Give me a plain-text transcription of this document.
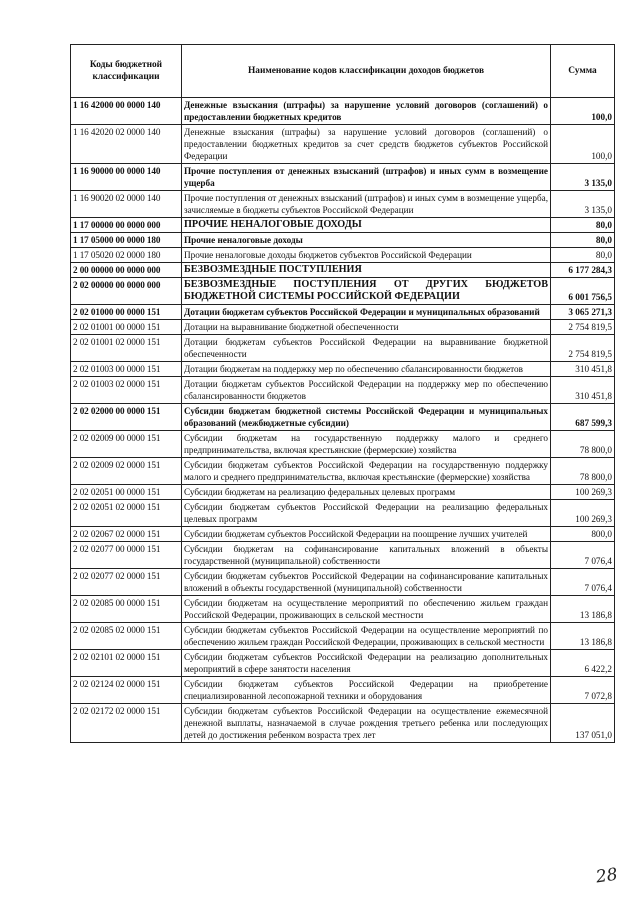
Коды бюджетной классификации	Наименование кодов классификации доходов бюджетов	Сумма
1 16 42000 00 0000 140	Денежные взыскания (штрафы) за нарушение условий договоров (соглашений) о предоставлении бюджетных кредитов	100,0
1 16 42020 02 0000 140	Денежные взыскания (штрафы) за нарушение условий договоров (соглашений) о предоставлении бюджетных кредитов за счет средств бюджетов субъектов Российской Федерации	100,0
1 16 90000 00 0000 140	Прочие поступления от денежных взысканий (штрафов) и иных сумм в возмещение ущерба	3 135,0
1 16 90020 02 0000 140	Прочие поступления от денежных взысканий (штрафов) и иных сумм в возмещение ущерба, зачисляемые в бюджеты субъектов Российской Федерации	3 135,0
1 17 00000 00 0000 000	ПРОЧИЕ НЕНАЛОГОВЫЕ ДОХОДЫ	80,0
1 17 05000 00 0000 180	Прочие неналоговые доходы	80,0
1 17 05020 02 0000 180	Прочие неналоговые доходы бюджетов субъектов Российской Федерации	80,0
2 00 00000 00 0000 000	БЕЗВОЗМЕЗДНЫЕ ПОСТУПЛЕНИЯ	6 177 284,3
2 02 00000 00 0000 000	БЕЗВОЗМЕЗДНЫЕ ПОСТУПЛЕНИЯ ОТ ДРУГИХ БЮДЖЕТОВ БЮДЖЕТНОЙ СИСТЕМЫ РОССИЙСКОЙ ФЕДЕРАЦИИ	6 001 756,5
2 02 01000 00 0000 151	Дотации бюджетам субъектов Российской Федерации и муниципальных образований	3 065 271,3
2 02 01001 00 0000 151	Дотации на выравнивание бюджетной обеспеченности	2 754 819,5
2 02 01001 02 0000 151	Дотации бюджетам субъектов Российской Федерации на выравнивание бюджетной обеспеченности	2 754 819,5
2 02 01003 00 0000 151	Дотации бюджетам на поддержку мер по обеспечению сбалансированности бюджетов	310 451,8
2 02 01003 02 0000 151	Дотации бюджетам субъектов Российской Федерации на поддержку мер по обеспечению сбалансированности бюджетов	310 451,8
2 02 02000 00 0000 151	Субсидии бюджетам бюджетной системы Российской Федерации и муниципальных образований (межбюджетные субсидии)	687 599,3
2 02 02009 00 0000 151	Субсидии бюджетам на государственную поддержку малого и среднего предпринимательства, включая крестьянские (фермерские) хозяйства	78 800,0
2 02 02009 02 0000 151	Субсидии бюджетам субъектов Российской Федерации на государственную поддержку малого и среднего предпринимательства, включая крестьянские (фермерские) хозяйства	78 800,0
2 02 02051 00 0000 151	Субсидии бюджетам на реализацию федеральных целевых программ	100 269,3
2 02 02051 02 0000 151	Субсидии бюджетам субъектов Российской Федерации на реализацию федеральных целевых программ	100 269,3
2 02 02067 02 0000 151	Субсидии бюджетам субъектов Российской Федерации на поощрение лучших учителей	800,0
2 02 02077 00 0000 151	Субсидии бюджетам на софинансирование капитальных вложений в объекты государственной (муниципальной) собственности	7 076,4
2 02 02077 02 0000 151	Субсидии бюджетам субъектов Российской Федерации на софинансирование капитальных вложений в объекты государственной (муниципальной) собственности	7 076,4
2 02 02085 00 0000 151	Субсидии бюджетам на осуществление мероприятий по обеспечению жильем граждан Российской Федерации, проживающих в сельской местности	13 186,8
2 02 02085 02 0000 151	Субсидии бюджетам субъектов Российской Федерации на осуществление мероприятий по обеспечению жильем граждан Российской Федерации, проживающих в сельской местности	13 186,8
2 02 02101 02 0000 151	Субсидии бюджетам субъектов Российской Федерации на реализацию дополнительных мероприятий в сфере занятости населения	6 422,2
2 02 02124 02 0000 151	Субсидии бюджетам субъектов Российской Федерации на приобретение специализированной лесопожарной техники и оборудования	7 072,8
2 02 02172 02 0000 151	Субсидии бюджетам субъектов Российской Федерации на осуществление ежемесячной денежной выплаты, назначаемой в случае рождения третьего ребенка или последующих детей до достижения ребенком возраста трех лет	137 051,0
28
